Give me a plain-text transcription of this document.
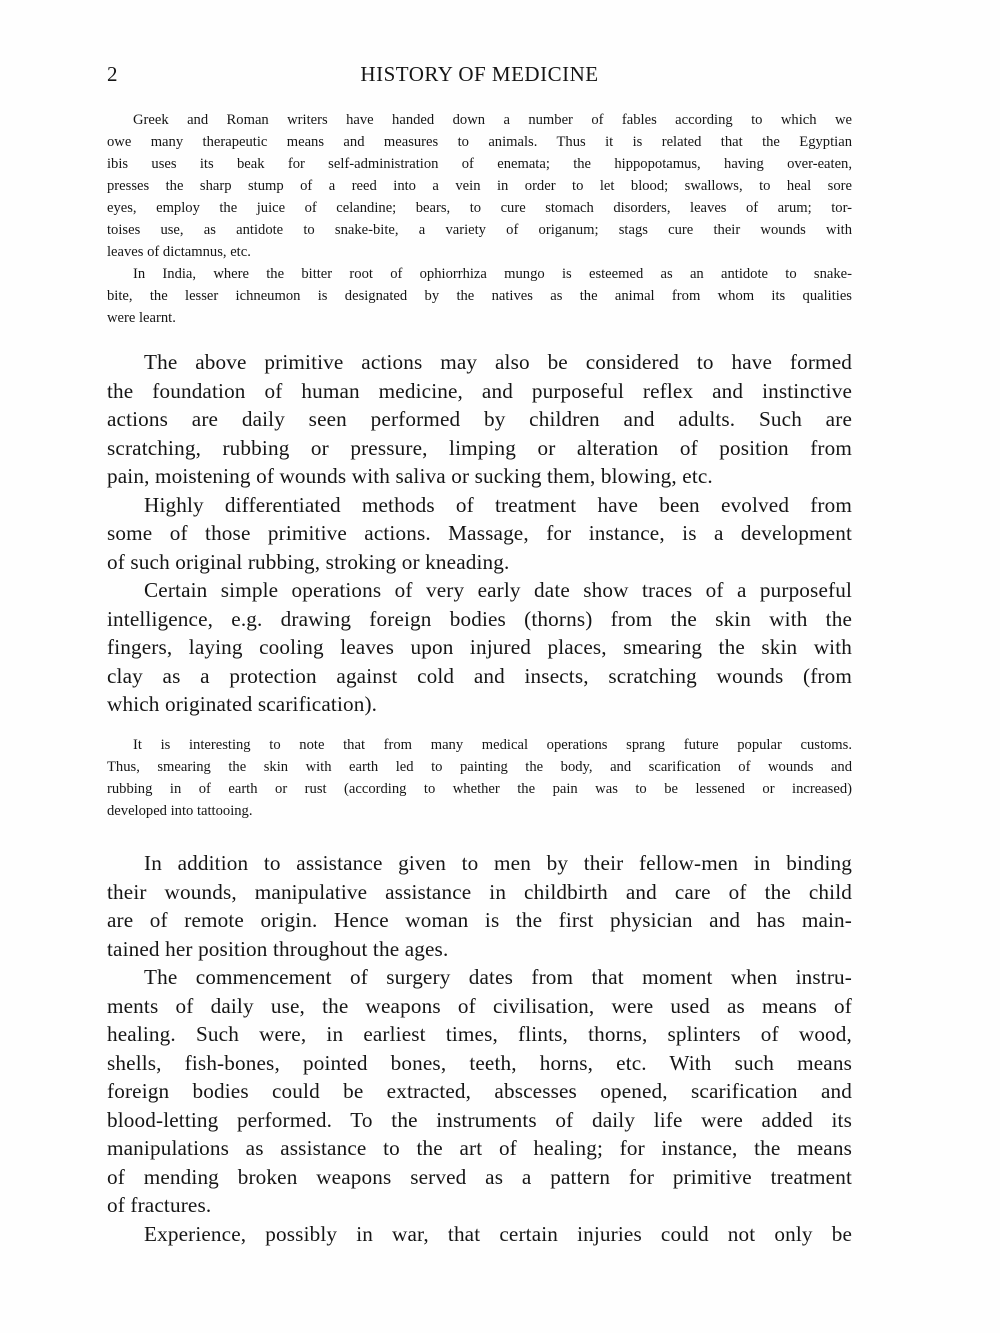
2	HISTORY OF MEDICINE
Greek and Roman writers have handed down a number of fables according to which we
owe many therapeutic means and measures to animals. Thus it is related that the Egyptian
ibis uses its beak for self-administration of enemata; the hippopotamus, having over-eaten,
presses the sharp stump of a reed into a vein in order to let blood; swallows, to heal sore
eyes, employ the juice of celandine; bears, to cure stomach disorders, leaves of arum; tor-
toises use, as antidote to snake-bite, a variety of origanum; stags cure their wounds with
leaves of dictamnus, etc.
In India, where the bitter root of ophiorrhiza mungo is esteemed as an antidote to snake-
bite, the lesser ichneumon is designated by the natives as the animal from whom its qualities
were learnt.
The above primitive actions may also be considered to have formed
the foundation of human medicine, and purposeful reflex and instinctive
actions are daily seen performed by children and adults. Such are
scratching, rubbing or pressure, limping or alteration of position from
pain, moistening of wounds with saliva or sucking them, blowing, etc.
Highly differentiated methods of treatment have been evolved from
some of those primitive actions. Massage, for instance, is a development
of such original rubbing, stroking or kneading.
Certain simple operations of very early date show traces of a purposeful
intelligence, e.g. drawing foreign bodies (thorns) from the skin with the
fingers, laying cooling leaves upon injured places, smearing the skin with
clay as a protection against cold and insects, scratching wounds (from
which originated scarification).
It is interesting to note that from many medical operations sprang future popular customs.
Thus, smearing the skin with earth led to painting the body, and scarification of wounds and
rubbing in of earth or rust (according to whether the pain was to be lessened or increased)
developed into tattooing.
In addition to assistance given to men by their fellow-men in binding
their wounds, manipulative assistance in childbirth and care of the child
are of remote origin. Hence woman is the first physician and has main-
tained her position throughout the ages.
The commencement of surgery dates from that moment when instru-
ments of daily use, the weapons of civilisation, were used as means of
healing. Such were, in earliest times, flints, thorns, splinters of wood,
shells, fish-bones, pointed bones, teeth, horns, etc. With such means
foreign bodies could be extracted, abscesses opened, scarification and
blood-letting performed. To the instruments of daily life were added its
manipulations as assistance to the art of healing; for instance, the means
of mending broken weapons served as a pattern for primitive treatment
of fractures.
Experience, possibly in war, that certain injuries could not only be
